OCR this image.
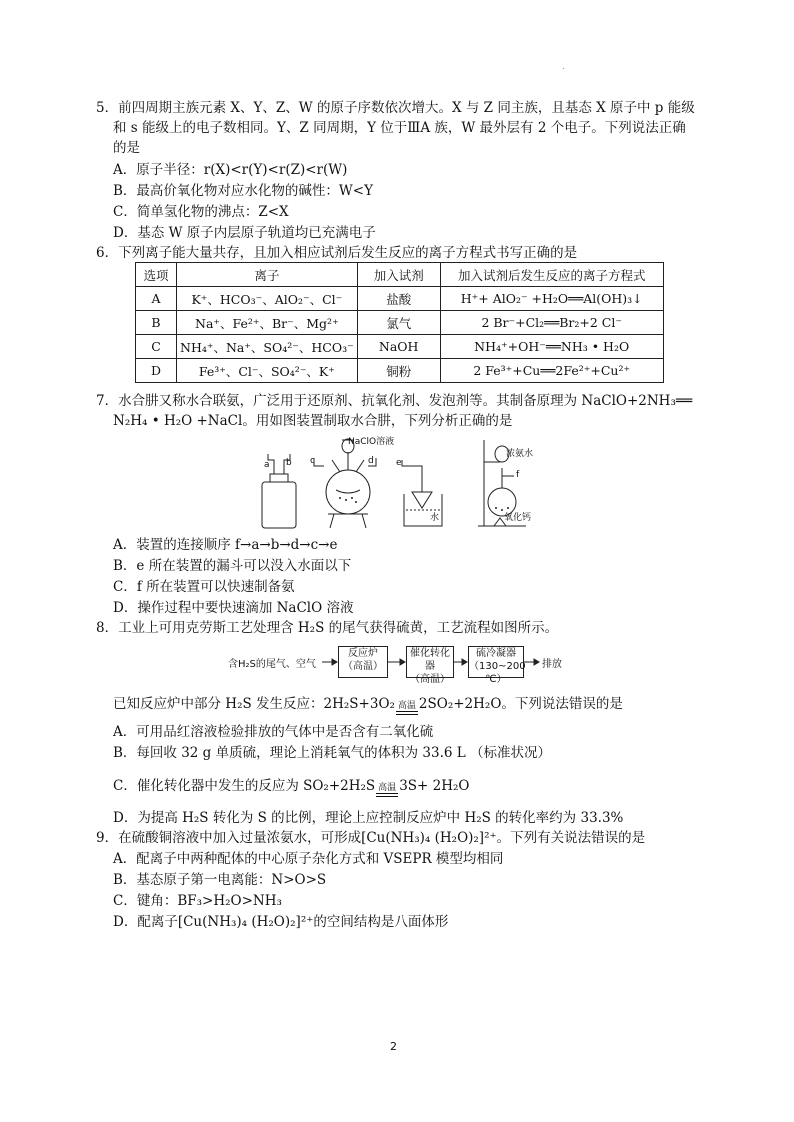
.
5．前四周期主族元素 X、Y、Z、W 的原子序数依次增大。X 与 Z 同主族，且基态 X 原子中 p 能级
和 s 能级上的电子数相同。Y、Z 同周期，Y 位于ⅢA 族，W 最外层有 2 个电子。下列说法正确
的是
A．原子半径：r(X)<r(Y)<r(Z)<r(W)
B．最高价氧化物对应水化物的碱性：W<Y
C．简单氢化物的沸点：Z<X
D．基态 W 原子内层原子轨道均已充满电子
6．下列离子能大量共存，且加入相应试剂后发生反应的离子方程式书写正确的是
选项	离子	加入试剂	加入试剂后发生反应的离子方程式
A	K⁺、HCO₃⁻、AlO₂⁻、Cl⁻	盐酸	H⁺+ AlO₂⁻ +H₂O══Al(OH)₃↓
B	Na⁺、Fe²⁺、Br⁻、Mg²⁺	氯气	2 Br⁻+Cl₂══Br₂+2 Cl⁻
C	NH₄⁺、Na⁺、SO₄²⁻、HCO₃⁻	NaOH	NH₄⁺+OH⁻══NH₃ • H₂O
D	Fe³⁺、Cl⁻、SO₄²⁻、K⁺	铜粉	2 Fe³⁺+Cu══2Fe²⁺+Cu²⁺
7．水合肼又称水合联氨，广泛用于还原剂、抗氧化剂、发泡剂等。其制备原理为 NaClO+2NH₃══
N₂H₄ • H₂O +NaCl。用如图装置制取水合肼，下列分析正确的是
NaClO溶液
a b c	d e
水
浓氨水
f
氧化钙
A．装置的连接顺序 f→a→b→d→c→e
B．e 所在装置的漏斗可以没入水面以下
C．f 所在装置可以快速制备氨
D．操作过程中要快速滴加 NaClO 溶液
8．工业上可用克劳斯工艺处理含 H₂S 的尾气获得硫黄，工艺流程如图所示。
含H₂S的尾气、空气
反应炉
（高温）
催化转化器
（高温）
硫冷凝器
（130~200 ℃）
排放
已知反应炉中部分 H₂S 发生反应：2H₂S+3O₂ 高温 2SO₂+2H₂O。下列说法错误的是
A．可用品红溶液检验排放的气体中是否含有二氧化硫
B．每回收 32 g 单质硫，理论上消耗氧气的体积为 33.6 L （标准状况）
C．催化转化器中发生的反应为 SO₂+2H₂S 高温 3S+ 2H₂O
D．为提高 H₂S 转化为 S 的比例，理论上应控制反应炉中 H₂S 的转化率约为 33.3%
9．在硫酸铜溶液中加入过量浓氨水，可形成[Cu(NH₃)₄ (H₂O)₂]²⁺。下列有关说法错误的是
A．配离子中两种配体的中心原子杂化方式和 VSEPR 模型均相同
B．基态原子第一电离能：N>O>S
C．键角：BF₃>H₂O>NH₃
D．配离子[Cu(NH₃)₄ (H₂O)₂]²⁺的空间结构是八面体形
2
